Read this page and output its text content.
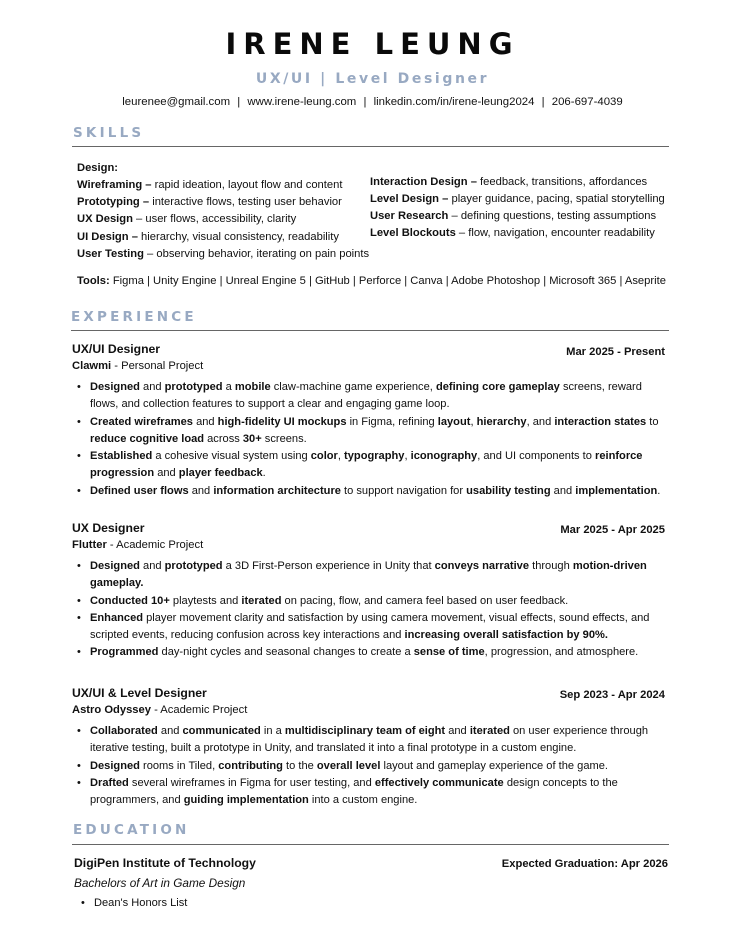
IRENE LEUNG
UX/UI | Level Designer
leurenee@gmail.com | www.irene-leung.com | linkedin.com/in/irene-leung2024 | 206-697-4039
SKILLS
Design:
Wireframing – rapid ideation, layout flow and content
Prototyping – interactive flows, testing user behavior
UX Design – user flows, accessibility, clarity
UI Design – hierarchy, visual consistency, readability
User Testing – observing behavior, iterating on pain points
Interaction Design – feedback, transitions, affordances
Level Design – player guidance, pacing, spatial storytelling
User Research – defining questions, testing assumptions
Level Blockouts – flow, navigation, encounter readability
Tools: Figma | Unity Engine | Unreal Engine 5 | GitHub | Perforce | Canva | Adobe Photoshop | Microsoft 365 | Aseprite
EXPERIENCE
UX/UI Designer	Mar 2025 - Present
Clawmi - Personal Project
• Designed and prototyped a mobile claw-machine game experience, defining core gameplay screens, reward flows, and collection features to support a clear and engaging game loop.
• Created wireframes and high-fidelity UI mockups in Figma, refining layout, hierarchy, and interaction states to reduce cognitive load across 30+ screens.
• Established a cohesive visual system using color, typography, iconography, and UI components to reinforce progression and player feedback.
• Defined user flows and information architecture to support navigation for usability testing and implementation.
UX Designer	Mar 2025 - Apr 2025
Flutter - Academic Project
• Designed and prototyped a 3D First-Person experience in Unity that conveys narrative through motion-driven gameplay.
• Conducted 10+ playtests and iterated on pacing, flow, and camera feel based on user feedback.
• Enhanced player movement clarity and satisfaction by using camera movement, visual effects, sound effects, and scripted events, reducing confusion across key interactions and increasing overall satisfaction by 90%.
• Programmed day-night cycles and seasonal changes to create a sense of time, progression, and atmosphere.
UX/UI & Level Designer	Sep 2023 - Apr 2024
Astro Odyssey - Academic Project
• Collaborated and communicated in a multidisciplinary team of eight and iterated on user experience through iterative testing, built a prototype in Unity, and translated it into a final prototype in a custom engine.
• Designed rooms in Tiled, contributing to the overall level layout and gameplay experience of the game.
• Drafted several wireframes in Figma for user testing, and effectively communicate design concepts to the programmers, and guiding implementation into a custom engine.
EDUCATION
DigiPen Institute of Technology	Expected Graduation: Apr 2026
Bachelors of Art in Game Design
• Dean's Honors List
